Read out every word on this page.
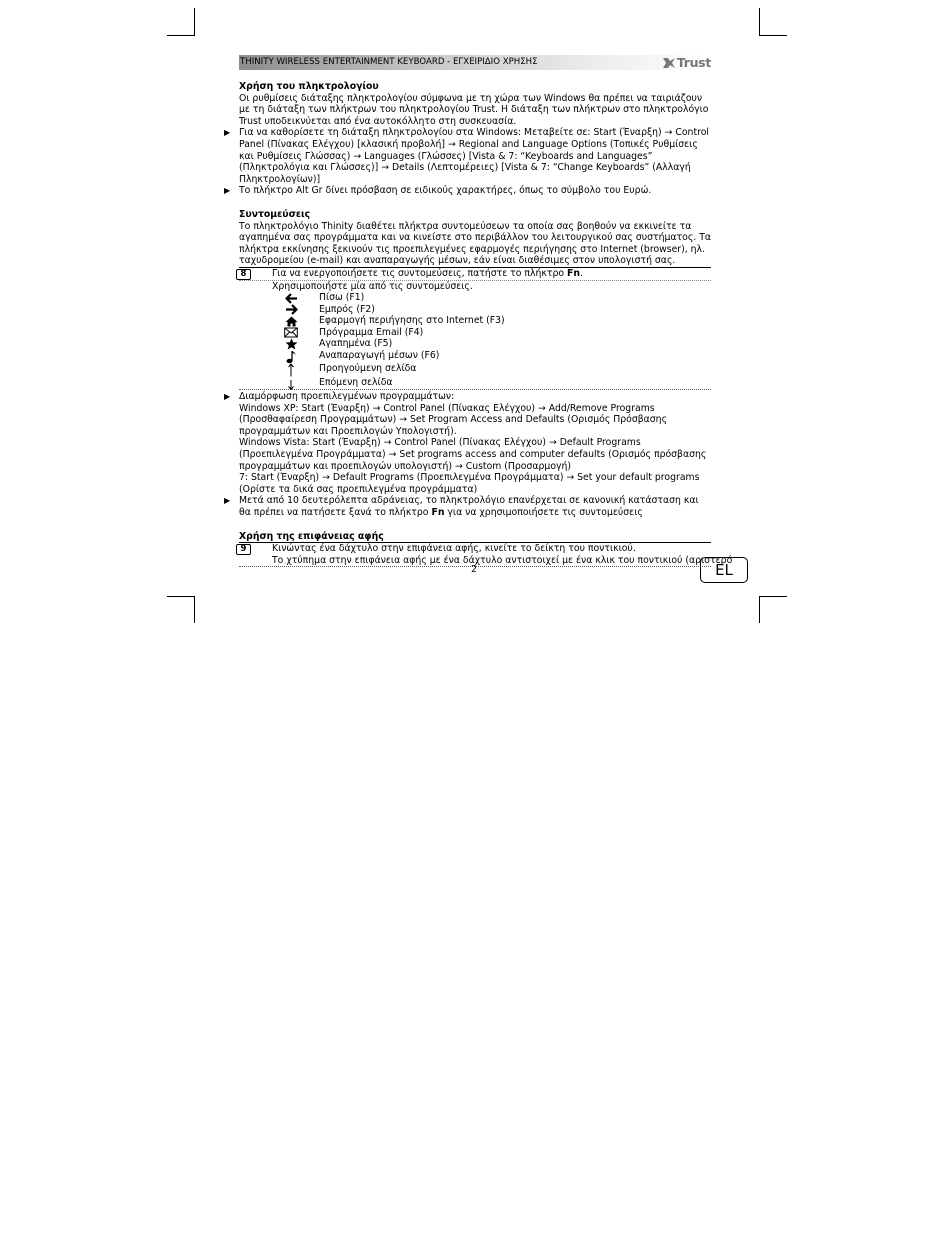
THINITY WIRELESS ENTERTAINMENT KEYBOARD - ΕΓΧΕΙΡΙΔΙΟ ΧΡΗΣΗΣ	Trust
Χρήση του πληκτρολογίου

Οι ρυθμίσεις διάταξης πληκτρολογίου σύμφωνα με τη χώρα των Windows θα πρέπει να ταιριάζουν με τη διάταξη των πλήκτρων του πληκτρολογίου Trust. Η διάταξη των πλήκτρων στο πληκτρολόγιο Trust υποδεικνύεται από ένα αυτοκόλλητο στη συσκευασία.

▶ Για να καθορίσετε τη διάταξη πληκτρολογίου στα Windows: Μεταβείτε σε: Start (Έναρξη) → Control Panel (Πίνακας Ελέγχου) [κλασική προβολή] → Regional and Language Options (Τοπικές Ρυθμίσεις και Ρυθμίσεις Γλώσσας) → Languages (Γλώσσες) [Vista & 7: “Keyboards and Languages” (Πληκτρολόγια και Γλώσσες)] → Details (Λεπτομέρειες) [Vista & 7: “Change Keyboards” (Αλλαγή Πληκτρολογίων)]

▶ Το πλήκτρο Alt Gr δίνει πρόσβαση σε ειδικούς χαρακτήρες, όπως το σύμβολο του Ευρώ.

Συντομεύσεις

Το πληκτρολόγιο Thinity διαθέτει πλήκτρα συντομεύσεων τα οποία σας βοηθούν να εκκινείτε τα αγαπημένα σας προγράμματα και να κινείστε στο περιβάλλον του λειτουργικού σας συστήματος. Τα πλήκτρα εκκίνησης ξεκινούν τις προεπιλεγμένες εφαρμογές περιήγησης στο Internet (browser), ηλ. ταχυδρομείου (e-mail) και αναπαραγωγής μέσων, εάν είναι διαθέσιμες στον υπολογιστή σας.

8	Για να ενεργοποιήσετε τις συντομεύσεις, πατήστε το πλήκτρο Fn.
Χρησιμοποιήστε μία από τις συντομεύσεις.
Πίσω (F1)
Εμπρός (F2)
Εφαρμογή περιήγησης στο Internet (F3)
Πρόγραμμα Email (F4)
Αγαπημένα (F5)
Αναπαραγωγή μέσων (F6)
Προηγούμενη σελίδα
Επόμενη σελίδα
▶ Διαμόρφωση προεπιλεγμένων προγραμμάτων:

Windows XP: Start (Έναρξη) → Control Panel (Πίνακας Ελέγχου) → Add/Remove Programs (Προσθαφαίρεση Προγραμμάτων) → Set Program Access and Defaults (Ορισμός Πρόσβασης προγραμμάτων και Προεπιλογών Υπολογιστή).

Windows Vista: Start (Έναρξη) → Control Panel (Πίνακας Ελέγχου) → Default Programs (Προεπιλεγμένα Προγράμματα) → Set programs access and computer defaults (Ορισμός πρόσβασης προγραμμάτων και προεπιλογών υπολογιστή) → Custom (Προσαρμογή)

7: Start (Έναρξη) → Default Programs (Προεπιλεγμένα Προγράμματα) → Set your default programs (Ορίστε τα δικά σας προεπιλεγμένα προγράμματα)

▶ Μετά από 10 δευτερόλεπτα αδράνειας, το πληκτρολόγιο επανέρχεται σε κανονική κατάσταση και θα πρέπει να πατήσετε ξανά το πλήκτρο Fn για να χρησιμοποιήσετε τις συντομεύσεις

Χρήση της επιφάνειας αφής
9	Κινώντας ένα δάχτυλο στην επιφάνεια αφής, κινείτε το δείκτη του ποντικιού.
Το χτύπημα στην επιφάνεια αφής με ένα δάχτυλο αντιστοιχεί με ένα κλικ του ποντικιού (αριστερό
2	EL
